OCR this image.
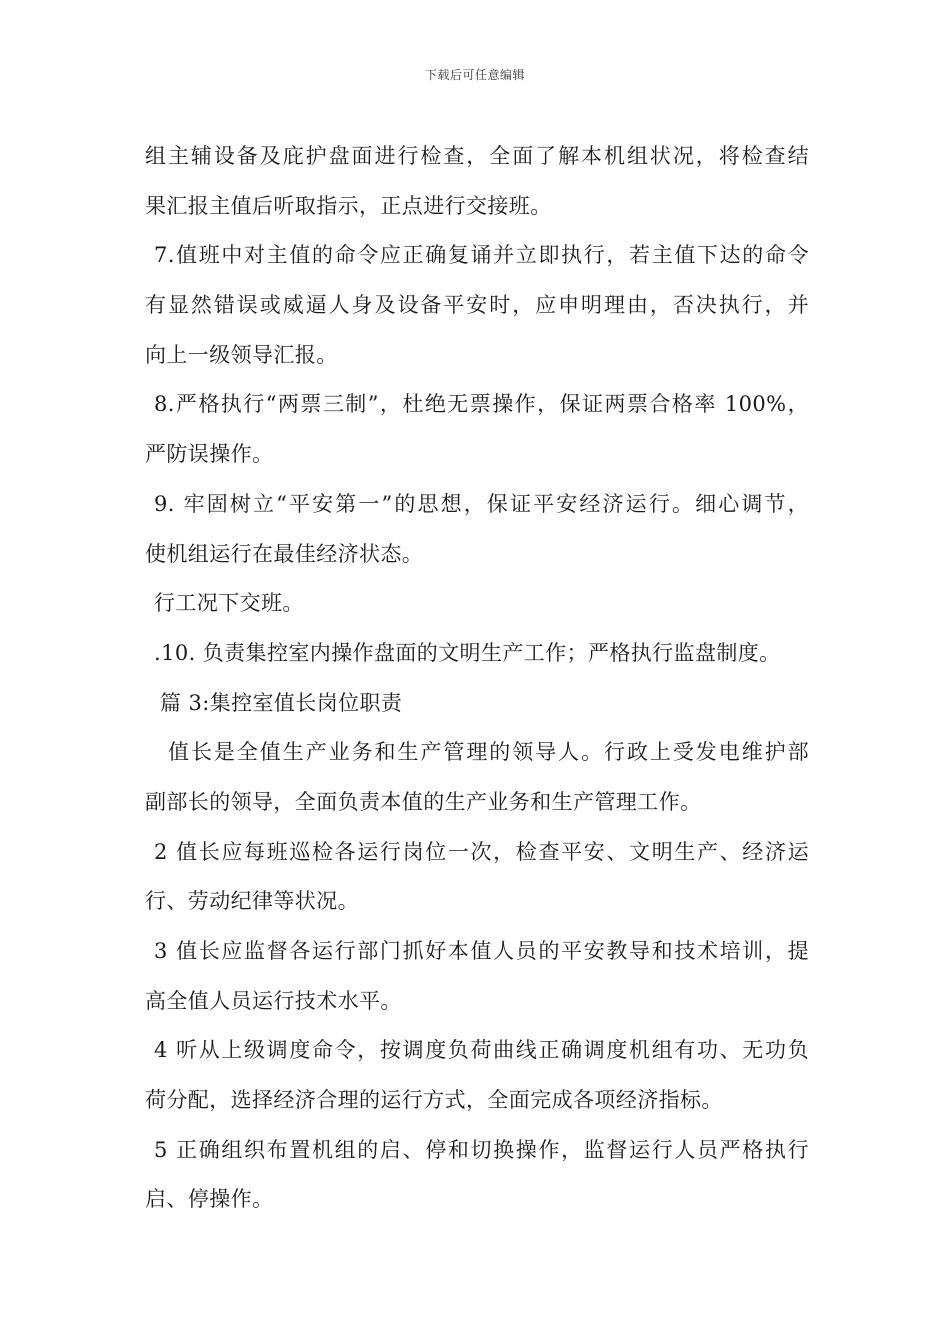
下载后可任意编辑
组主辅设备及庇护盘面进行检查，全面了解本机组状况，将检查结
果汇报主值后听取指示，正点进行交接班。
7.值班中对主值的命令应正确复诵并立即执行，若主值下达的命令
有显然错误或威逼人身及设备平安时，应申明理由，否决执行，并
向上一级领导汇报。
8.严格执行“两票三制”，杜绝无票操作，保证两票合格率 100%，
严防误操作。
9. 牢固树立“平安第一”的思想，保证平安经济运行。细心调节，
使机组运行在最佳经济状态。
行工况下交班。
.10. 负责集控室内操作盘面的文明生产工作；严格执行监盘制度。
篇 3:集控室值长岗位职责
值长是全值生产业务和生产管理的领导人。行政上受发电维护部
副部长的领导，全面负责本值的生产业务和生产管理工作。
2 值长应每班巡检各运行岗位一次，检查平安、文明生产、经济运
行、劳动纪律等状况。
3 值长应监督各运行部门抓好本值人员的平安教导和技术培训，提
高全值人员运行技术水平。
4 听从上级调度命令，按调度负荷曲线正确调度机组有功、无功负
荷分配，选择经济合理的运行方式，全面完成各项经济指标。
5 正确组织布置机组的启、停和切换操作，监督运行人员严格执行
启、停操作。
